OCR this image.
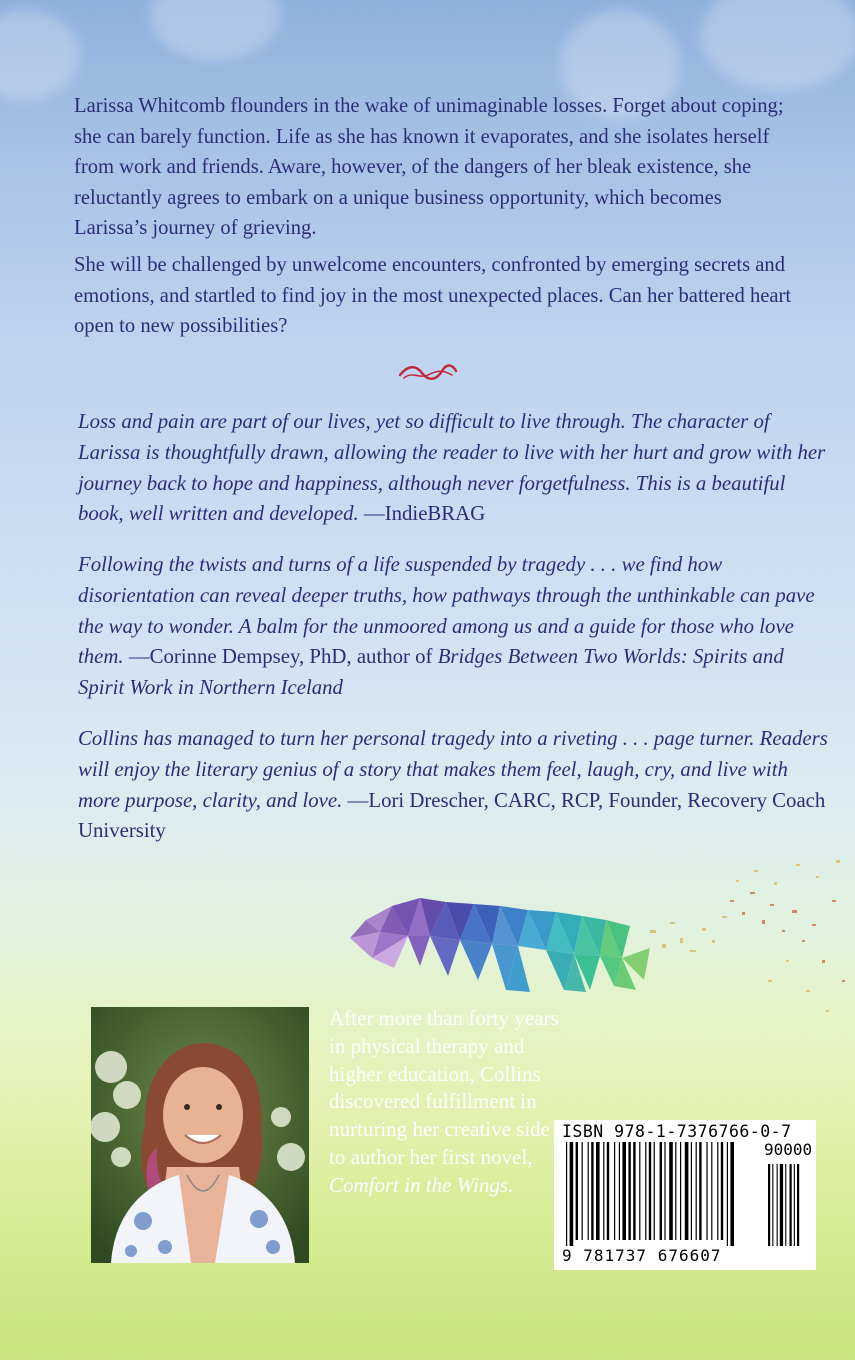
Larissa Whitcomb flounders in the wake of unimaginable losses. Forget about coping; she can barely function. Life as she has known it evaporates, and she isolates herself from work and friends. Aware, however, of the dangers of her bleak existence, she reluctantly agrees to embark on a unique business opportunity, which becomes Larissa’s journey of grieving.

She will be challenged by unwelcome encounters, confronted by emerging secrets and emotions, and startled to find joy in the most unexpected places. Can her battered heart open to new possibilities?

Loss and pain are part of our lives, yet so difficult to live through. The character of Larissa is thoughtfully drawn, allowing the reader to live with her hurt and grow with her journey back to hope and happiness, although never forgetfulness. This is a beautiful book, well written and developed. —IndieBRAG

Following the twists and turns of a life suspended by tragedy . . . we find how disorientation can reveal deeper truths, how pathways through the unthinkable can pave the way to wonder. A balm for the unmoored among us and a guide for those who love them. —Corinne Dempsey, PhD, author of Bridges Between Two Worlds: Spirits and Spirit Work in Northern Iceland

Collins has managed to turn her personal tragedy into a riveting . . . page turner. Readers will enjoy the literary genius of a story that makes them feel, laugh, cry, and live with more purpose, clarity, and love. —Lori Drescher, CARC, RCP, Founder, Recovery Coach University

After more than forty years in physical therapy and higher education, Collins discovered fulfillment in nurturing her creative side to author her first novel, Comfort in the Wings.

ISBN 978-1-7376766-0-7
90000
9 781737 676607
